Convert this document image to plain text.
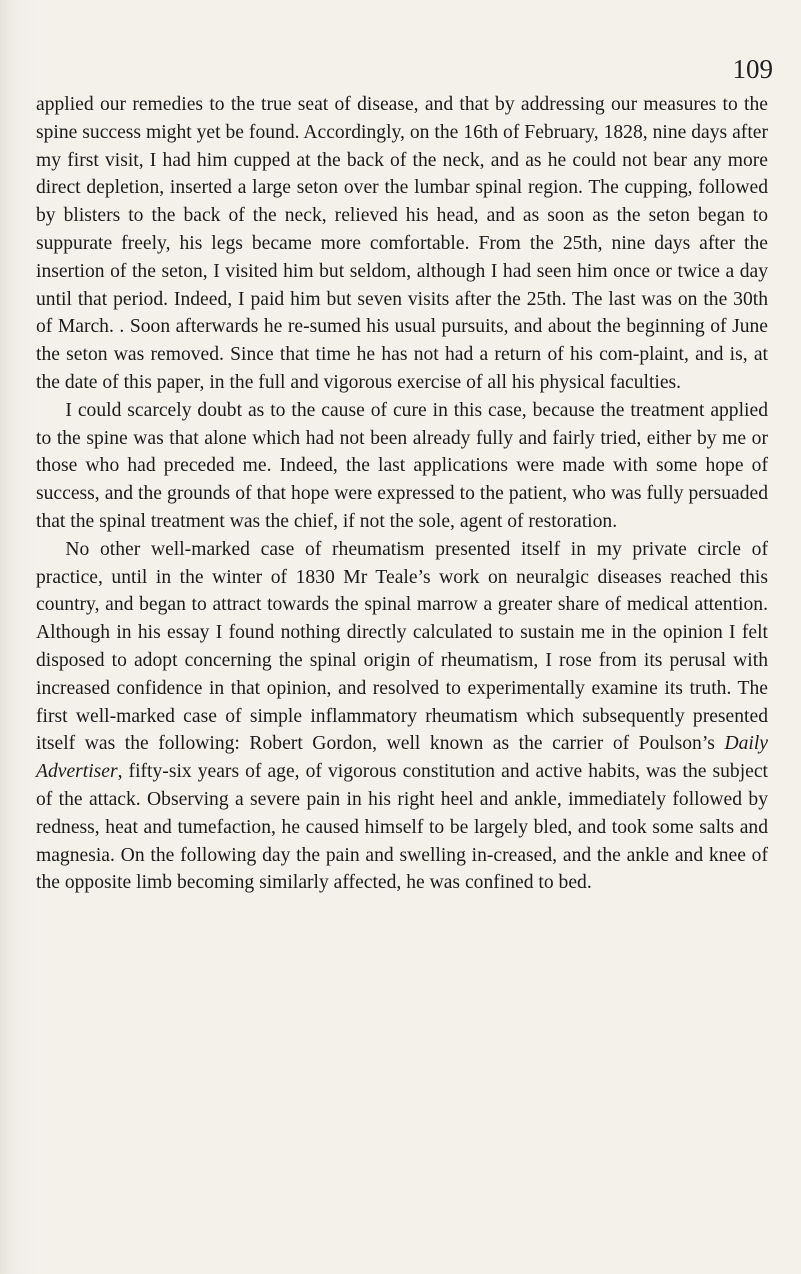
109

applied our remedies to the true seat of disease, and that by addressing our measures to the spine success might yet be found. Accordingly, on the 16th of February, 1828, nine days after my first visit, I had him cupped at the back of the neck, and as he could not bear any more direct depletion, inserted a large seton over the lumbar spinal region. The cupping, followed by blisters to the back of the neck, relieved his head, and as soon as the seton began to suppurate freely, his legs became more comfortable. From the 25th, nine days after the insertion of the seton, I visited him but seldom, although I had seen him once or twice a day until that period. Indeed, I paid him but seven visits after the 25th. The last was on the 30th of March. . Soon afterwards he re-sumed his usual pursuits, and about the beginning of June the seton was removed. Since that time he has not had a return of his com-plaint, and is, at the date of this paper, in the full and vigorous exercise of all his physical faculties.

I could scarcely doubt as to the cause of cure in this case, because the treatment applied to the spine was that alone which had not been already fully and fairly tried, either by me or those who had preceded me. Indeed, the last applications were made with some hope of success, and the grounds of that hope were expressed to the patient, who was fully persuaded that the spinal treatment was the chief, if not the sole, agent of restoration.

No other well-marked case of rheumatism presented itself in my private circle of practice, until in the winter of 1830 Mr Teale’s work on neuralgic diseases reached this country, and began to attract towards the spinal marrow a greater share of medical attention. Although in his essay I found nothing directly calculated to sustain me in the opinion I felt disposed to adopt concerning the spinal origin of rheumatism, I rose from its perusal with increased confidence in that opinion, and resolved to experimentally examine its truth. The first well-marked case of simple inflammatory rheumatism which subsequently presented itself was the following: Robert Gordon, well known as the carrier of Poulson’s Daily Advertiser, fifty-six years of age, of vigorous constitution and active habits, was the subject of the attack. Observing a severe pain in his right heel and ankle, immediately followed by redness, heat and tumefaction, he caused himself to be largely bled, and took some salts and magnesia. On the following day the pain and swelling in-creased, and the ankle and knee of the opposite limb becoming similarly affected, he was confined to bed.
